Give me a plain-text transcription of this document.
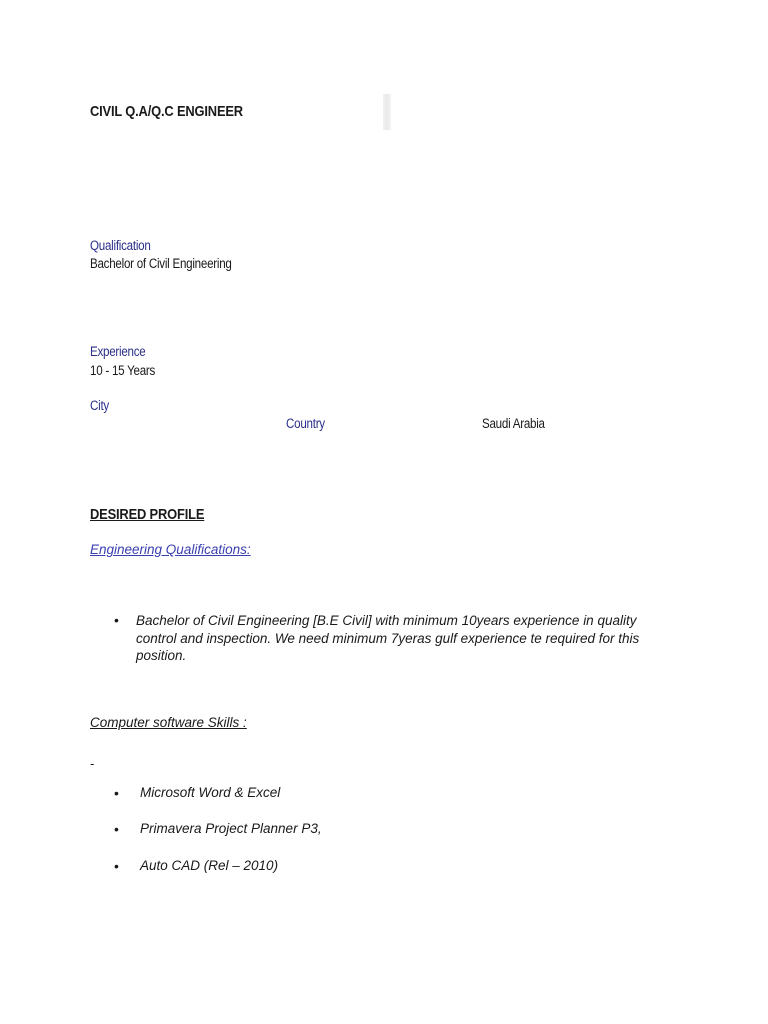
CIVIL Q.A/Q.C ENGINEER
Qualification
Bachelor of Civil Engineering
Experience
10 - 15 Years
City
Country	Saudi Arabia
DESIRED PROFILE
Engineering Qualifications:
• Bachelor of Civil Engineering [B.E Civil] with minimum 10years experience in quality control and inspection. We need minimum 7yeras gulf experience te required for this position.
Computer software Skills :
-
• Microsoft Word & Excel
• Primavera Project Planner P3,
• Auto CAD (Rel – 2010)
